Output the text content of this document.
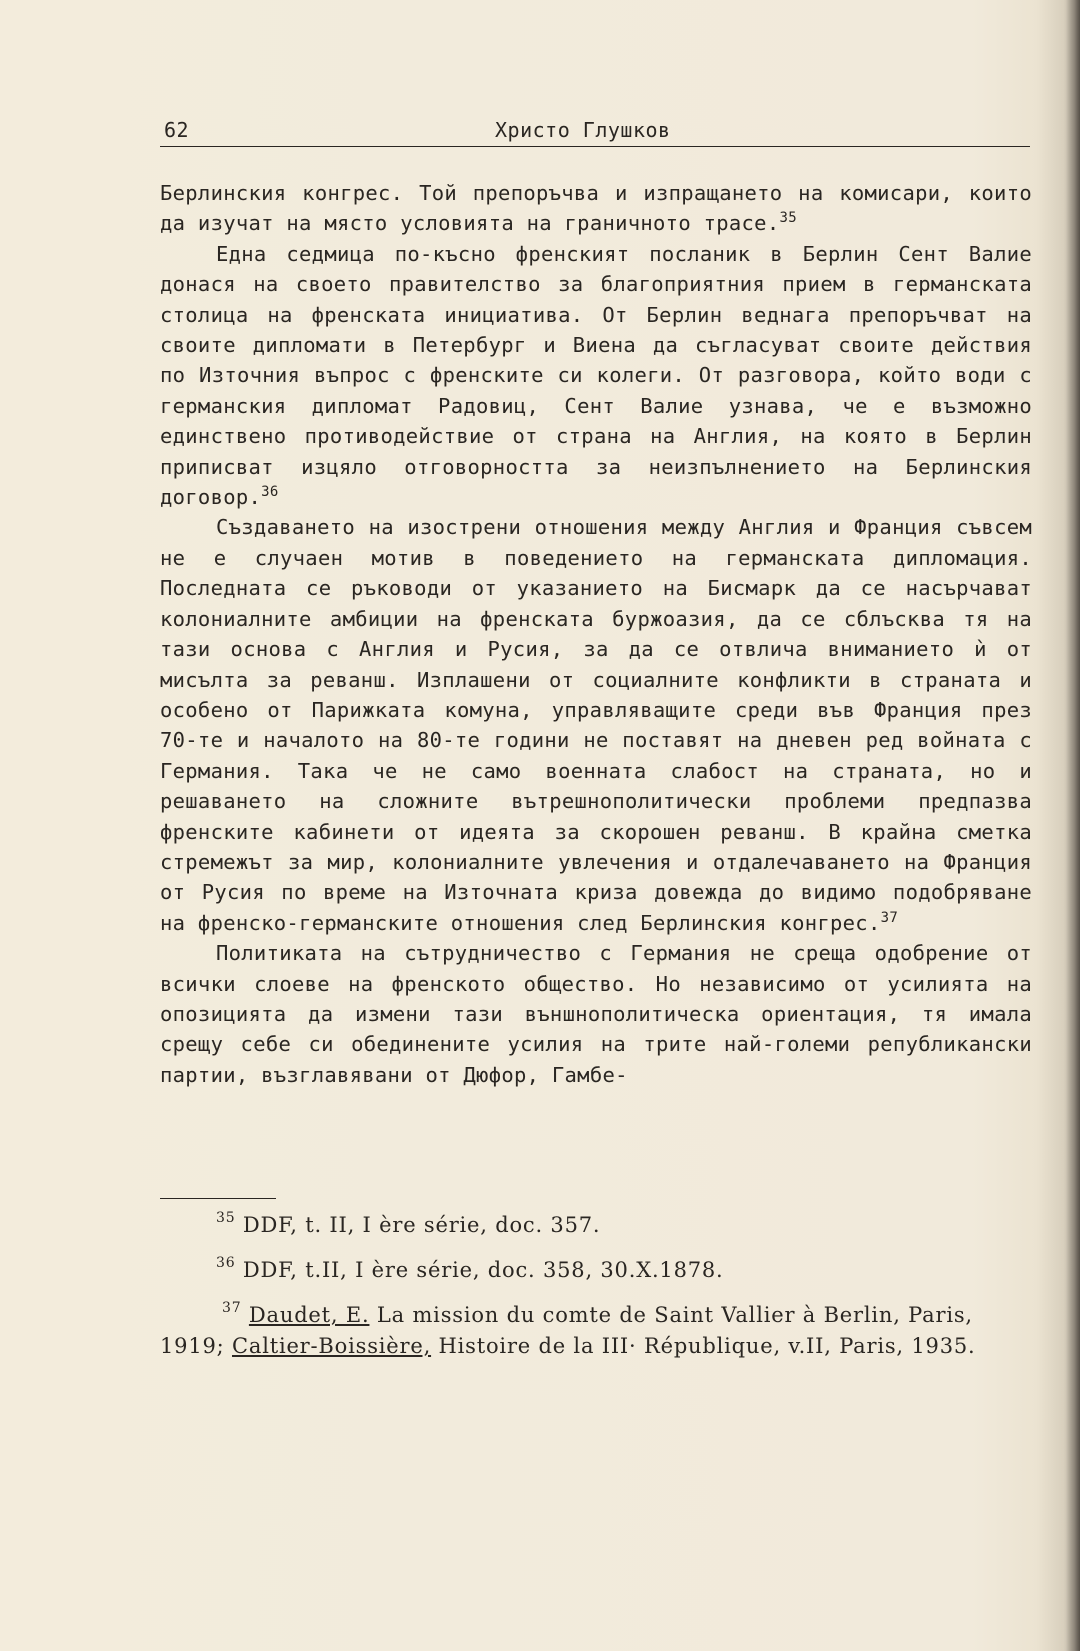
62	Христо Глушков

Берлинския конгрес. Той препоръчва и изпращането на комисари, които да изучат на място условията на граничното трасе.$^{35}$

Една седмица по-късно френският посланик в Берлин Сент Валие донася на своето правителство за благоприятния прием в германската столица на френската инициатива. От Берлин веднага препоръчват на своите дипломати в Петербург и Виена да съгласуват своите действия по Източния въпрос с френските си колеги. От разговора, който води с германския дипломат Радовиц, Сент Валие узнава, че е възможно единствено противодействие от страна на Англия, на която в Берлин приписват изцяло отговорността за неизпълнението на Берлинския договор.$^{36}$

Създаването на изострени отношения между Англия и Франция съвсем не е случаен мотив в поведението на германската дипломация. Последната се ръководи от указанието на Бисмарк да се насърчават колониалните амбиции на френската буржоазия, да се сблъсква тя на тази основа с Англия и Русия, за да се отвлича вниманието ѝ от мисълта за реванш. Изплашени от социалните конфликти в страната и особено от Парижката комуна, управляващите среди във Франция през 70-те и началото на 80-те години не поставят на дневен ред войната с Германия. Така че не само военната слабост на страната, но и решаването на сложните вътрешнополитически проблеми предпазва френските кабинети от идеята за скорошен реванш. В крайна сметка стремежът за мир, колониалните увлечения и отдалечаването на Франция от Русия по време на Източната криза довежда до видимо подобряване на френско-германските отношения след Берлинския конгрес.$^{37}$

Политиката на сътрудничество с Германия не среща одобрение от всички слоеве на френското общество. Но независимо от усилията на опозицията да измени тази външнополитическа ориентация, тя имала срещу себе си обединените усилия на трите най-големи републикански партии, възглавявани от Дюфор, Гамбе-

$^{35}$ DDF, t. II, I ère série, doc. 357.

$^{36}$ DDF, t.II, I ère série, doc. 358, 30.X.1878.

$^{37}$ Daudet, E. La mission du comte de Saint Vallier à Berlin, Paris, 1919; Caltier-Boissière, Histoire de la III· République, v.II, Paris, 1935.
